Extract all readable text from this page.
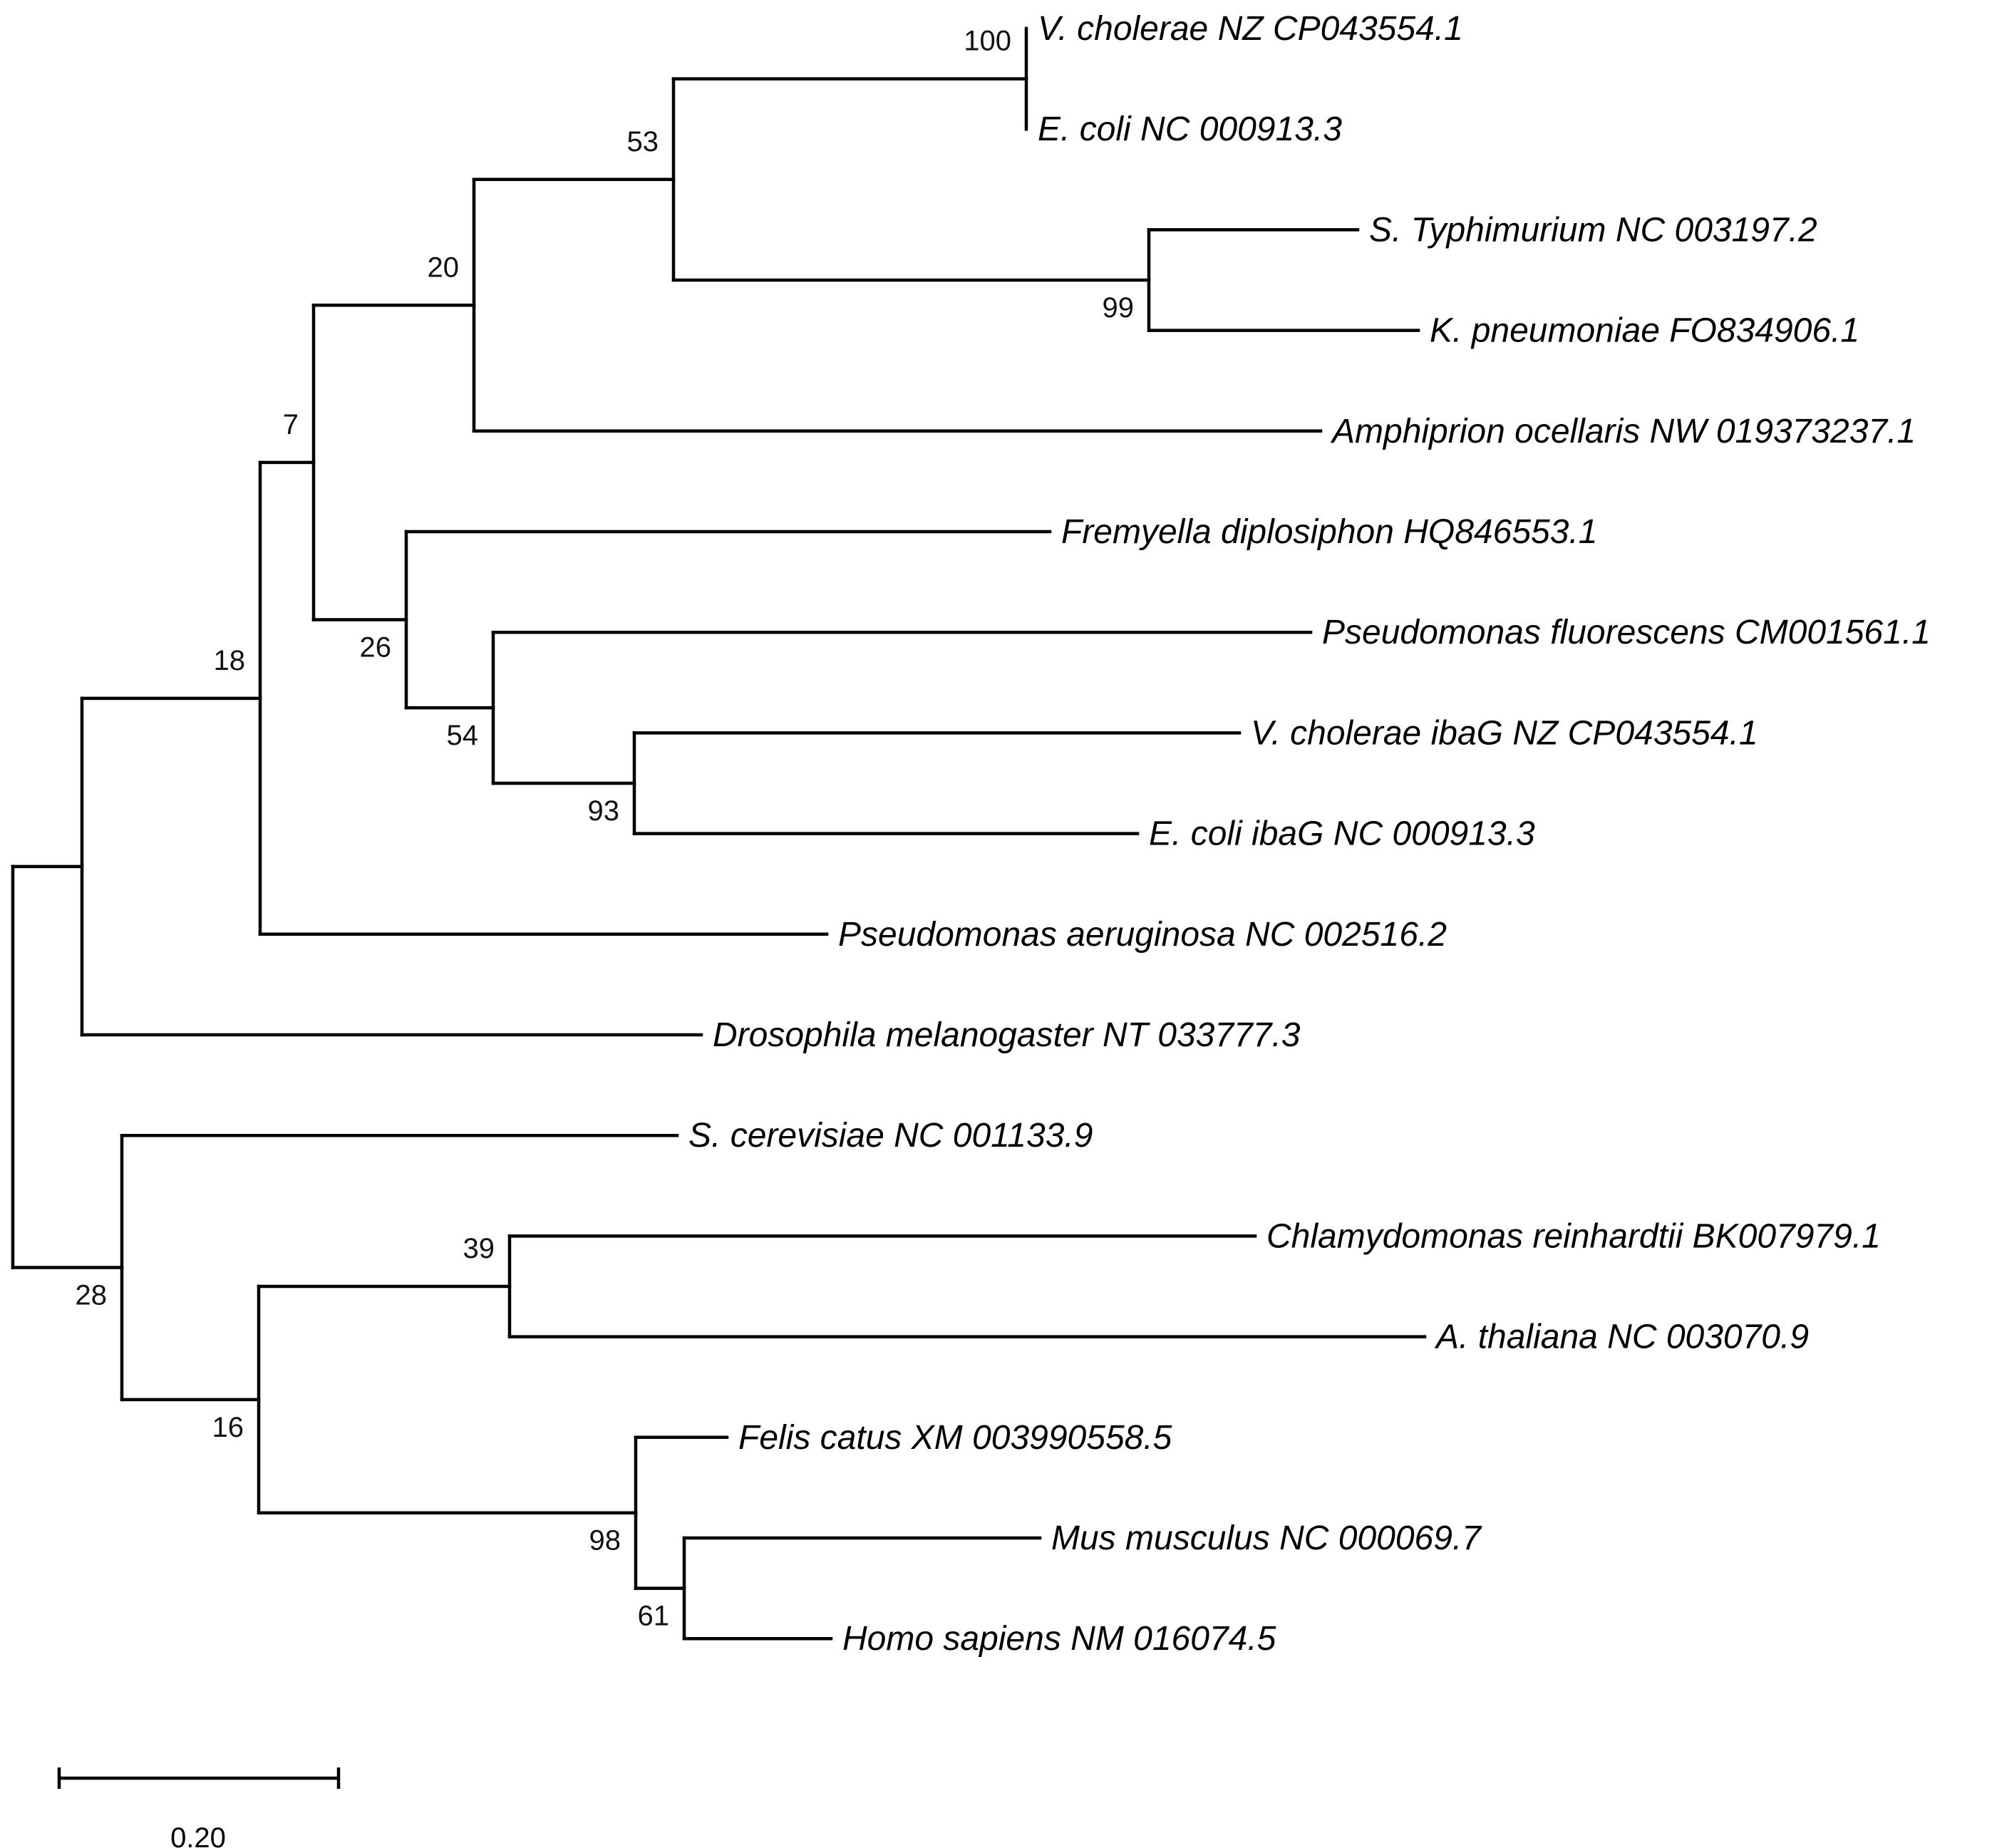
V. cholerae NZ CP043554.1
E. coli NC 000913.3
100
S. Typhimurium NC 003197.2
K. pneumoniae FO834906.1
99
53
Amphiprion ocellaris NW 019373237.1
20
Fremyella diplosiphon HQ846553.1
Pseudomonas fluorescens CM001561.1
V. cholerae ibaG NZ CP043554.1
E. coli ibaG NC 000913.3
93
54
26
7
Pseudomonas aeruginosa NC 002516.2
18
Drosophila melanogaster NT 033777.3
S. cerevisiae NC 001133.9
Chlamydomonas reinhardtii BK007979.1
A. thaliana NC 003070.9
39
Felis catus XM 003990558.5
Mus musculus NC 000069.7
Homo sapiens NM 016074.5
61
98
16
28
0.20
